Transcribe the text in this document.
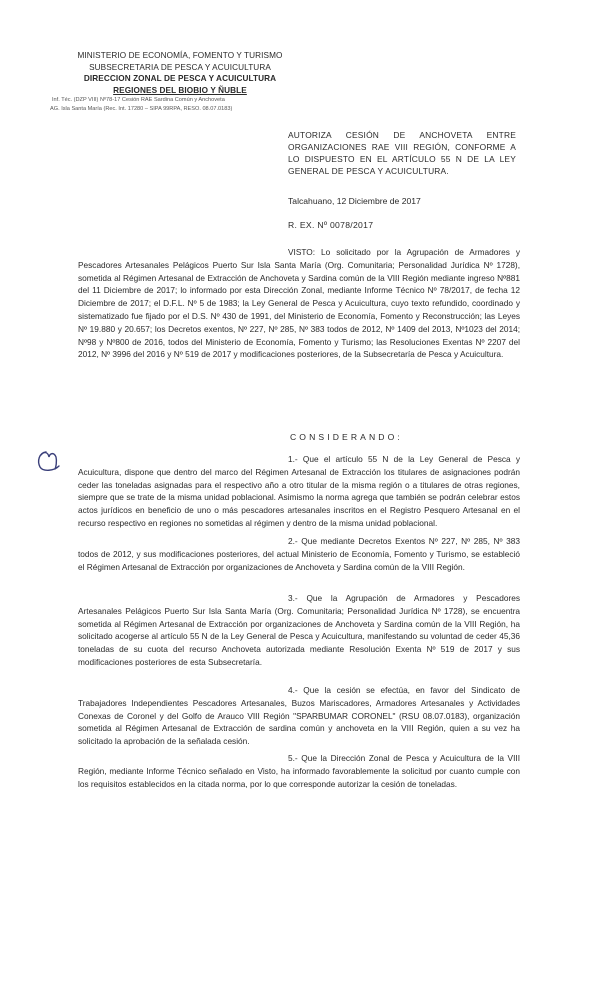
MINISTERIO DE ECONOMÍA, FOMENTO Y TURISMO
SUBSECRETARIA DE PESCA Y ACUICULTURA
DIRECCION ZONAL DE PESCA Y ACUICULTURA
REGIONES DEL BIOBIO Y ÑUBLE
Inf. Téc. (DZP VIII) Nº78-17 Cesión RAE Sardina Común y Anchoveta
AG. Isla Santa María (Rec. Int. 17280 – SIPA 99RPA, RESO. 08.07.0183)
AUTORIZA CESIÓN DE ANCHOVETA ENTRE ORGANIZACIONES RAE VIII REGIÓN, CONFORME A LO DISPUESTO EN EL ARTÍCULO 55 N DE LA LEY GENERAL DE PESCA Y ACUICULTURA.
Talcahuano, 12 Diciembre de 2017
R. EX. Nº 0078/2017
VISTO: Lo solicitado por la Agrupación de Armadores y Pescadores Artesanales Pelágicos Puerto Sur Isla Santa María (Org. Comunitaria; Personalidad Jurídica Nº 1728), sometida al Régimen Artesanal de Extracción de Anchoveta y Sardina común de la VIII Región mediante ingreso Nº881 del 11 Diciembre de 2017; lo informado por esta Dirección Zonal, mediante Informe Técnico Nº 78/2017, de fecha 12 Diciembre de 2017; el D.F.L. Nº 5 de 1983; la Ley General de Pesca y Acuicultura, cuyo texto refundido, coordinado y sistematizado fue fijado por el D.S. Nº 430 de 1991, del Ministerio de Economía, Fomento y Reconstrucción; las Leyes Nº 19.880 y 20.657; los Decretos exentos, Nº 227, Nº 285, Nº 383 todos de 2012, Nº 1409 del 2013, Nº1023 del 2014; Nº98 y Nº800 de 2016, todos del Ministerio de Economía, Fomento y Turismo; las Resoluciones Exentas Nº 2207 del 2012, Nº 3996 del 2016 y Nº 519 de 2017 y modificaciones posteriores, de la Subsecretaría de Pesca y Acuicultura.
CONSIDERANDO:
1.- Que el artículo 55 N de la Ley General de Pesca y Acuicultura, dispone que dentro del marco del Régimen Artesanal de Extracción los titulares de asignaciones podrán ceder las toneladas asignadas para el respectivo año a otro titular de la misma región o a titulares de otras regiones, siempre que se trate de la misma unidad poblacional. Asimismo la norma agrega que también se podrán celebrar estos actos jurídicos en beneficio de uno o más pescadores artesanales inscritos en el Registro Pesquero Artesanal en el recurso respectivo en regiones no sometidas al régimen y dentro de la misma unidad poblacional.
2.- Que mediante Decretos Exentos Nº 227, Nº 285, Nº 383 todos de 2012, y sus modificaciones posteriores, del actual Ministerio de Economía, Fomento y Turismo, se estableció el Régimen Artesanal de Extracción por organizaciones de Anchoveta y Sardina común de la VIII Región.
3.- Que la Agrupación de Armadores y Pescadores Artesanales Pelágicos Puerto Sur Isla Santa María (Org. Comunitaria; Personalidad Jurídica Nº 1728), se encuentra sometida al Régimen Artesanal de Extracción por organizaciones de Anchoveta y Sardina común de la VIII Región, ha solicitado acogerse al artículo 55 N de la Ley General de Pesca y Acuicultura, manifestando su voluntad de ceder 45,36 toneladas de su cuota del recurso Anchoveta autorizada mediante Resolución Exenta Nº 519 de 2017 y sus modificaciones posteriores de esta Subsecretaría.
4.- Que la cesión se efectúa, en favor del Sindicato de Trabajadores Independientes Pescadores Artesanales, Buzos Mariscadores, Armadores Artesanales y Actividades Conexas de Coronel y del Golfo de Arauco VIII Región "SPARBUMAR CORONEL" (RSU 08.07.0183), organización sometida al Régimen Artesanal de Extracción de sardina común y anchoveta en la VIII Región, quien a su vez ha solicitado la aprobación de la señalada cesión.
5.- Que la Dirección Zonal de Pesca y Acuicultura de la VIII Región, mediante Informe Técnico señalado en Visto, ha informado favorablemente la solicitud por cuanto cumple con los requisitos establecidos en la citada norma, por lo que corresponde autorizar la cesión de toneladas.
